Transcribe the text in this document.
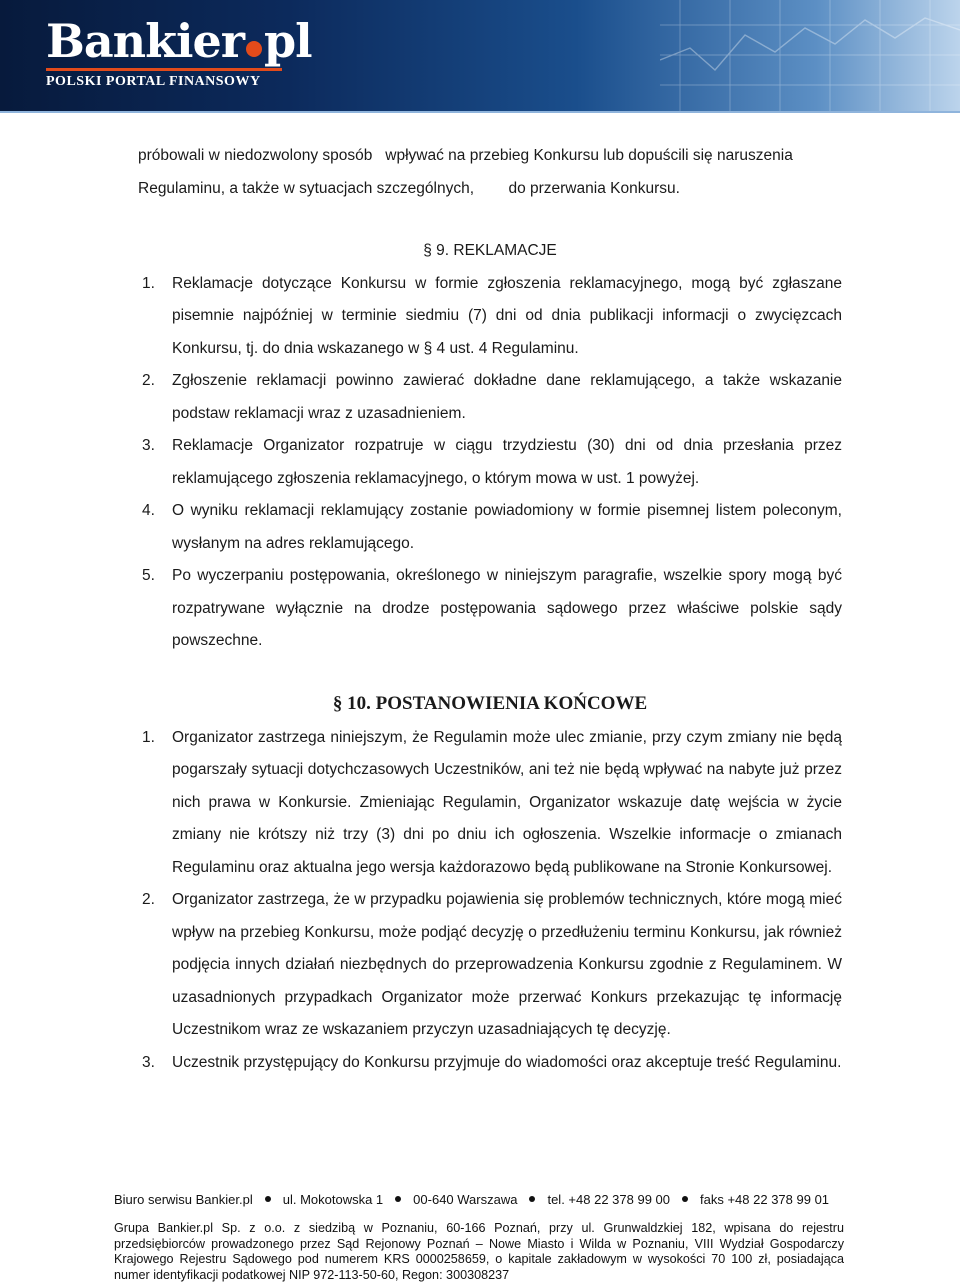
Bankier pl
POLSKI PORTAL FINANSOWY
próbowali w niedozwolony sposób   wpływać na przebieg Konkursu lub dopuścili się naruszenia
Regulaminu, a także w sytuacjach szczególnych,        do przerwania Konkursu.
§ 9. REKLAMACJE
1. Reklamacje dotyczące Konkursu w formie zgłoszenia reklamacyjnego, mogą być zgłaszane pisemnie najpóźniej w terminie siedmiu (7) dni od dnia publikacji informacji o zwycięzcach Konkursu, tj. do dnia wskazanego w § 4 ust. 4 Regulaminu.
2. Zgłoszenie reklamacji powinno zawierać dokładne dane reklamującego, a także wskazanie podstaw reklamacji wraz z uzasadnieniem.
3. Reklamacje Organizator rozpatruje w ciągu trzydziestu (30) dni od dnia przesłania przez reklamującego zgłoszenia reklamacyjnego, o którym mowa w ust. 1 powyżej.
4. O wyniku reklamacji reklamujący zostanie powiadomiony w formie pisemnej listem poleconym, wysłanym na adres reklamującego.
5. Po wyczerpaniu postępowania, określonego w niniejszym paragrafie, wszelkie spory mogą być rozpatrywane wyłącznie na drodze postępowania sądowego przez właściwe polskie sądy powszechne.
§ 10. POSTANOWIENIA KOŃCOWE
1. Organizator zastrzega niniejszym, że Regulamin może ulec zmianie, przy czym zmiany nie będą pogarszały sytuacji dotychczasowych Uczestników, ani też nie będą wpływać na nabyte już przez nich prawa w Konkursie. Zmieniając Regulamin, Organizator wskazuje datę wejścia w życie zmiany nie krótszy niż trzy (3) dni po dniu ich ogłoszenia. Wszelkie informacje o zmianach Regulaminu oraz aktualna jego wersja każdorazowo będą publikowane na Stronie Konkursowej.
2. Organizator zastrzega, że w przypadku pojawienia się problemów technicznych, które mogą mieć wpływ na przebieg Konkursu, może podjąć decyzję o przedłużeniu terminu Konkursu, jak również podjęcia innych działań niezbędnych do przeprowadzenia Konkursu zgodnie z Regulaminem. W uzasadnionych przypadkach Organizator może przerwać Konkurs przekazując tę informację Uczestnikom wraz ze wskazaniem przyczyn uzasadniających tę decyzję.
3. Uczestnik przystępujący do Konkursu przyjmuje do wiadomości oraz akceptuje treść Regulaminu.
Biuro serwisu Bankier.pl ul. Mokotowska 1 00-640 Warszawa tel. +48 22 378 99 00 faks +48 22 378 99 01
Grupa Bankier.pl Sp. z o.o. z siedzibą w Poznaniu, 60-166 Poznań, przy ul. Grunwaldzkiej 182, wpisana do rejestru przedsiębiorców prowadzonego przez Sąd Rejonowy Poznań – Nowe Miasto i Wilda w Poznaniu, VIII Wydział Gospodarczy Krajowego Rejestru Sądowego pod numerem KRS 0000258659, o kapitale zakładowym w wysokości 70 100 zł, posiadająca numer identyfikacji podatkowej NIP 972-113-50-60, Regon: 300308237
